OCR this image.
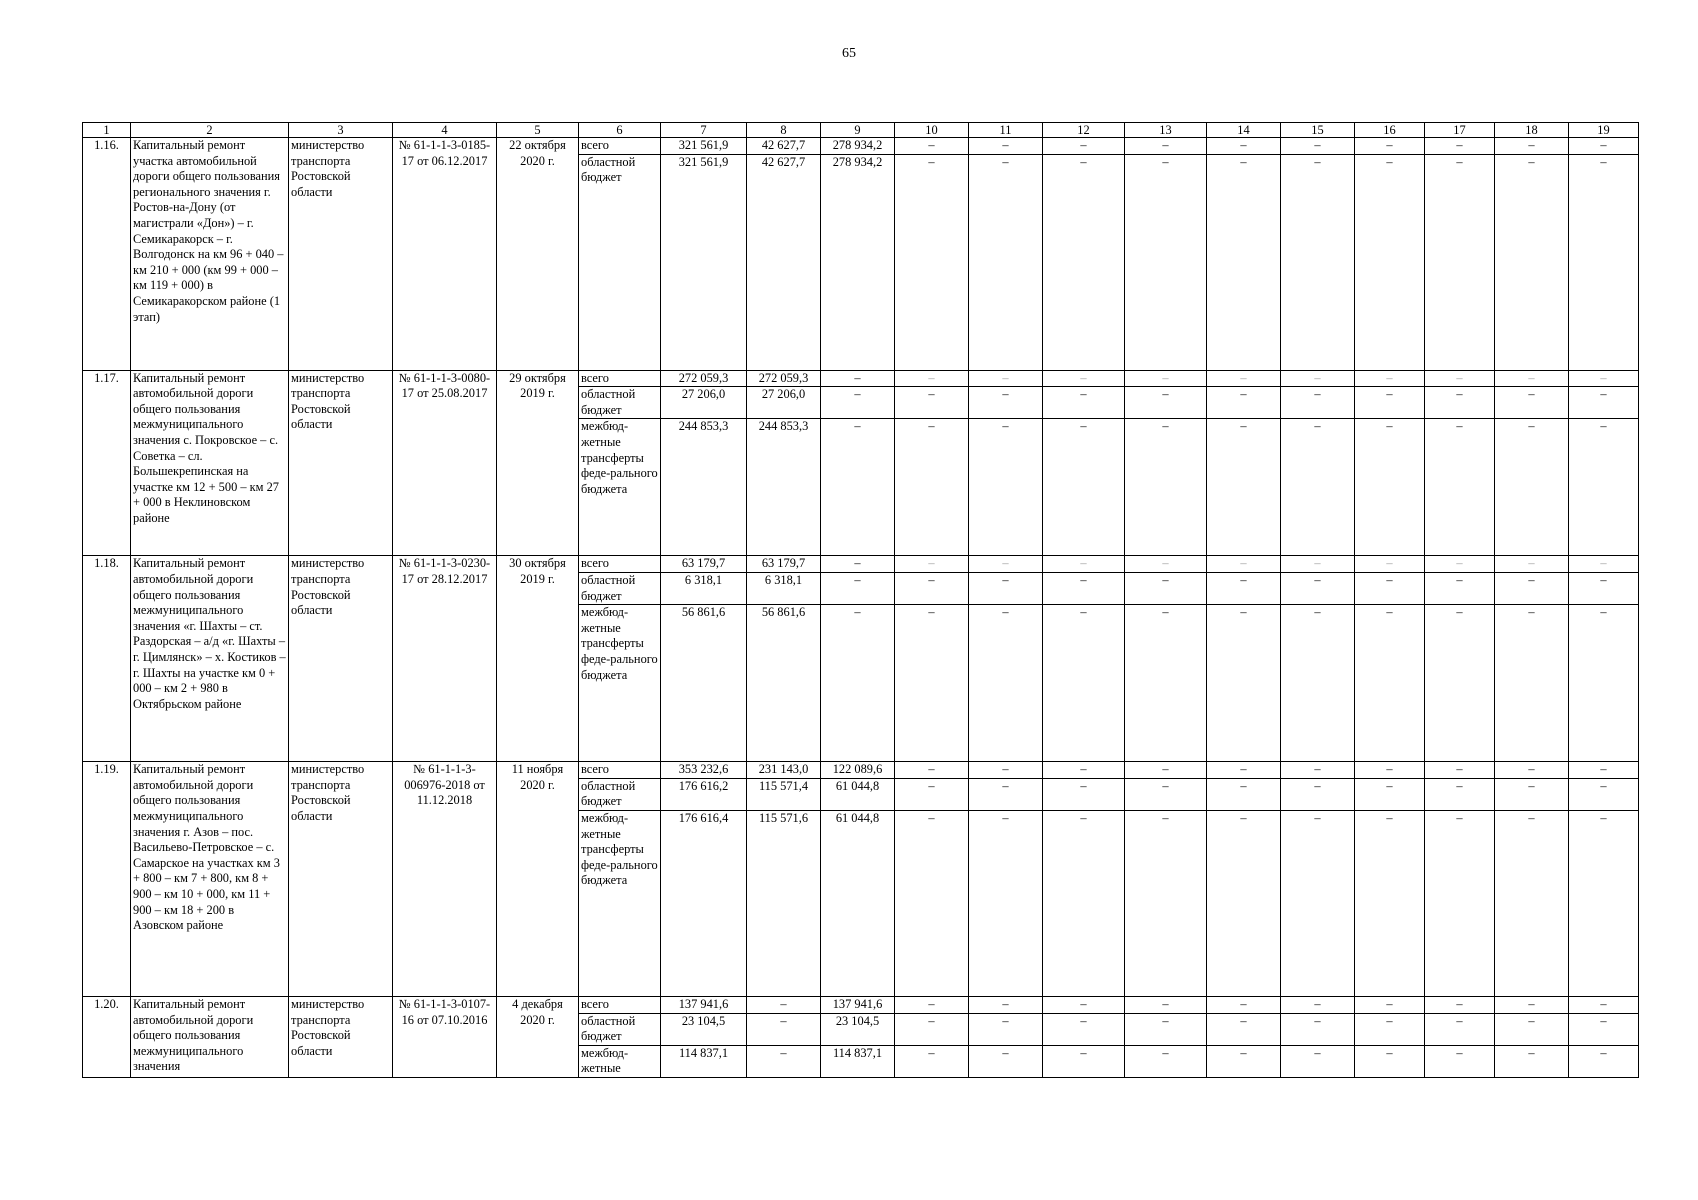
65
1	2	3	4	5	6	7	8	9	10	11	12	13	14	15	16	17	18	19
1.16.	Капитальный ремонт участка автомобильной дороги общего пользования регионального значения г. Ростов-на-Дону (от магистрали «Дон») – г. Семикаракорск – г. Волгодонск на км 96 + 040 – км 210 + 000 (км 99 + 000 – км 119 + 000) в Семикаракорском районе (1 этап)	министерство транспорта Ростовской области	№ 61-1-1-3-0185-17 от 06.12.2017	22 октября 2020 г.	всего	321 561,9	42 627,7	278 934,2	–	–	–	–	–	–	–	–	–	–
					областной бюджет	321 561,9	42 627,7	278 934,2	–	–	–	–	–	–	–	–	–	–
1.17.	Капитальный ремонт автомобильной дороги общего пользования межмуниципального значения с. Покровское – с. Советка – сл. Большекрепинская на участке км 12 + 500 – км 27 + 000 в Неклиновском районе	министерство транспорта Ростовской области	№ 61-1-1-3-0080-17 от 25.08.2017	29 октября 2019 г.	всего	272 059,3	272 059,3	–	–	–	–	–	–	–	–	–	–	–
					областной бюджет	27 206,0	27 206,0	–	–	–	–	–	–	–	–	–	–	–
					межбюд-жетные трансферты феде-рального бюджета	244 853,3	244 853,3	–	–	–	–	–	–	–	–	–	–	–
1.18.	Капитальный ремонт автомобильной дороги общего пользования межмуниципального значения «г. Шахты – ст. Раздорская – а/д «г. Шахты – г. Цимлянск» – х. Костиков – г. Шахты на участке км 0 + 000 – км 2 + 980 в Октябрьском районе	министерство транспорта Ростовской области	№ 61-1-1-3-0230-17 от 28.12.2017	30 октября 2019 г.	всего	63 179,7	63 179,7	–	–	–	–	–	–	–	–	–	–	–
					областной бюджет	6 318,1	6 318,1	–	–	–	–	–	–	–	–	–	–	–
					межбюд-жетные трансферты феде-рального бюджета	56 861,6	56 861,6	–	–	–	–	–	–	–	–	–	–	–
1.19.	Капитальный ремонт автомобильной дороги общего пользования межмуниципального значения г. Азов – пос. Васильево-Петровское – с. Самарское на участках км 3 + 800 – км 7 + 800, км 8 + 900 – км 10 + 000, км 11 + 900 – км 18 + 200 в Азовском районе	министерство транспорта Ростовской области	№ 61-1-1-3-006976-2018 от 11.12.2018	11 ноября 2020 г.	всего	353 232,6	231 143,0	122 089,6	–	–	–	–	–	–	–	–	–	–
					областной бюджет	176 616,2	115 571,4	61 044,8	–	–	–	–	–	–	–	–	–	–
					межбюд-жетные трансферты феде-рального бюджета	176 616,4	115 571,6	61 044,8	–	–	–	–	–	–	–	–	–	–
1.20.	Капитальный ремонт автомобильной дороги общего пользования межмуниципального значения	министерство транспорта Ростовской области	№ 61-1-1-3-0107-16 от 07.10.2016	4 декабря 2020 г.	всего	137 941,6	–	137 941,6	–	–	–	–	–	–	–	–	–	–
					областной бюджет	23 104,5	–	23 104,5	–	–	–	–	–	–	–	–	–	–
					межбюд-жетные	114 837,1	–	114 837,1	–	–	–	–	–	–	–	–	–	–
